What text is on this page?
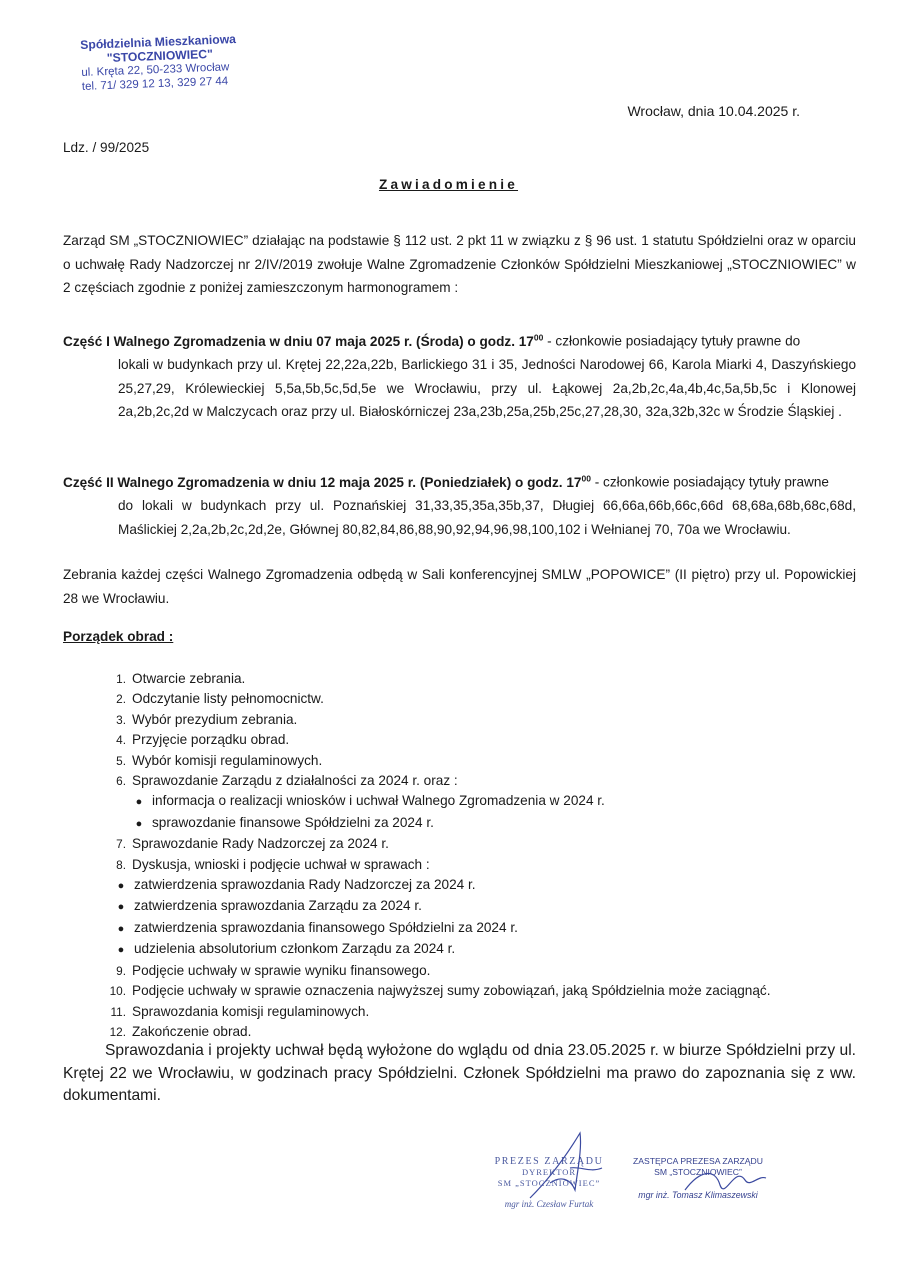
Spółdzielnia Mieszkaniowa
"STOCZNIOWIEC"
ul. Kręta 22, 50-233 Wrocław
tel. 71/ 329 12 13, 329 27 44
Wrocław, dnia 10.04.2025 r.
Ldz. / 99/2025
Zawiadomienie
Zarząd SM „STOCZNIOWIEC” działając na podstawie § 112 ust. 2 pkt 11 w związku z § 96 ust. 1 statutu Spółdzielni oraz w oparciu o uchwałę Rady Nadzorczej nr 2/IV/2019 zwołuje Walne Zgromadzenie Członków Spółdzielni Mieszkaniowej „STOCZNIOWIEC” w 2 częściach zgodnie z poniżej zamieszczonym harmonogramem :
Część I Walnego Zgromadzenia w dniu 07 maja 2025 r. (Środa) o godz. $17^{00}$ - członkowie posiadający tytuły prawne do
lokali w budynkach przy ul. Krętej 22,22a,22b, Barlickiego 31 i 35, Jedności Narodowej 66, Karola Miarki 4, Daszyńskiego 25,27,29, Królewieckiej 5,5a,5b,5c,5d,5e we Wrocławiu, przy ul. Łąkowej 2a,2b,2c,4a,4b,4c,5a,5b,5c i Klonowej 2a,2b,2c,2d w Malczycach oraz przy ul. Białoskórniczej 23a,23b,25a,25b,25c,27,28,30, 32a,32b,32c w Środzie Śląskiej .
Część II Walnego Zgromadzenia w dniu 12 maja 2025 r. (Poniedziałek) o godz. $17^{00}$ - członkowie posiadający tytuły prawne
do lokali w budynkach przy ul. Poznańskiej 31,33,35,35a,35b,37, Długiej 66,66a,66b,66c,66d 68,68a,68b,68c,68d, Maślickiej 2,2a,2b,2c,2d,2e, Głównej 80,82,84,86,88,90,92,94,96,98,100,102 i Wełnianej 70, 70a we Wrocławiu.
Zebrania każdej części Walnego Zgromadzenia odbędą w Sali konferencyjnej SMLW „POPOWICE” (II piętro) przy ul. Popowickiej 28 we Wrocławiu.
Porządek obrad :
1. Otwarcie zebrania.
2. Odczytanie listy pełnomocnictw.
3. Wybór prezydium zebrania.
4. Przyjęcie porządku obrad.
5. Wybór komisji regulaminowych.
6. Sprawozdanie Zarządu z działalności za 2024 r. oraz :
● informacja o realizacji wniosków i uchwał Walnego Zgromadzenia w 2024 r.
● sprawozdanie finansowe Spółdzielni za 2024 r.
7. Sprawozdanie Rady Nadzorczej za 2024 r.
8. Dyskusja, wnioski i podjęcie uchwał w sprawach :
● zatwierdzenia sprawozdania Rady Nadzorczej za 2024 r.
● zatwierdzenia sprawozdania Zarządu za 2024 r.
● zatwierdzenia sprawozdania finansowego Spółdzielni za 2024 r.
● udzielenia absolutorium członkom Zarządu za 2024 r.
9. Podjęcie uchwały w sprawie wyniku finansowego.
10. Podjęcie uchwały w sprawie oznaczenia najwyższej sumy zobowiązań, jaką Spółdzielnia może zaciągnąć.
11. Sprawozdania komisji regulaminowych.
12. Zakończenie obrad.
Sprawozdania i projekty uchwał będą wyłożone do wglądu od dnia 23.05.2025 r. w biurze Spółdzielni przy ul. Krętej 22 we Wrocławiu, w godzinach pracy Spółdzielni. Członek Spółdzielni ma prawo do zapoznania się z ww. dokumentami.
PREZES ZARZĄDU
DYREKTOR
SM „STOCZNIOWIEC”
mgr inż. Czesław Furtak
ZASTĘPCA PREZESA ZARZĄDU
SM „STOCZNIOWIEC”
mgr inż. Tomasz Klimaszewski
